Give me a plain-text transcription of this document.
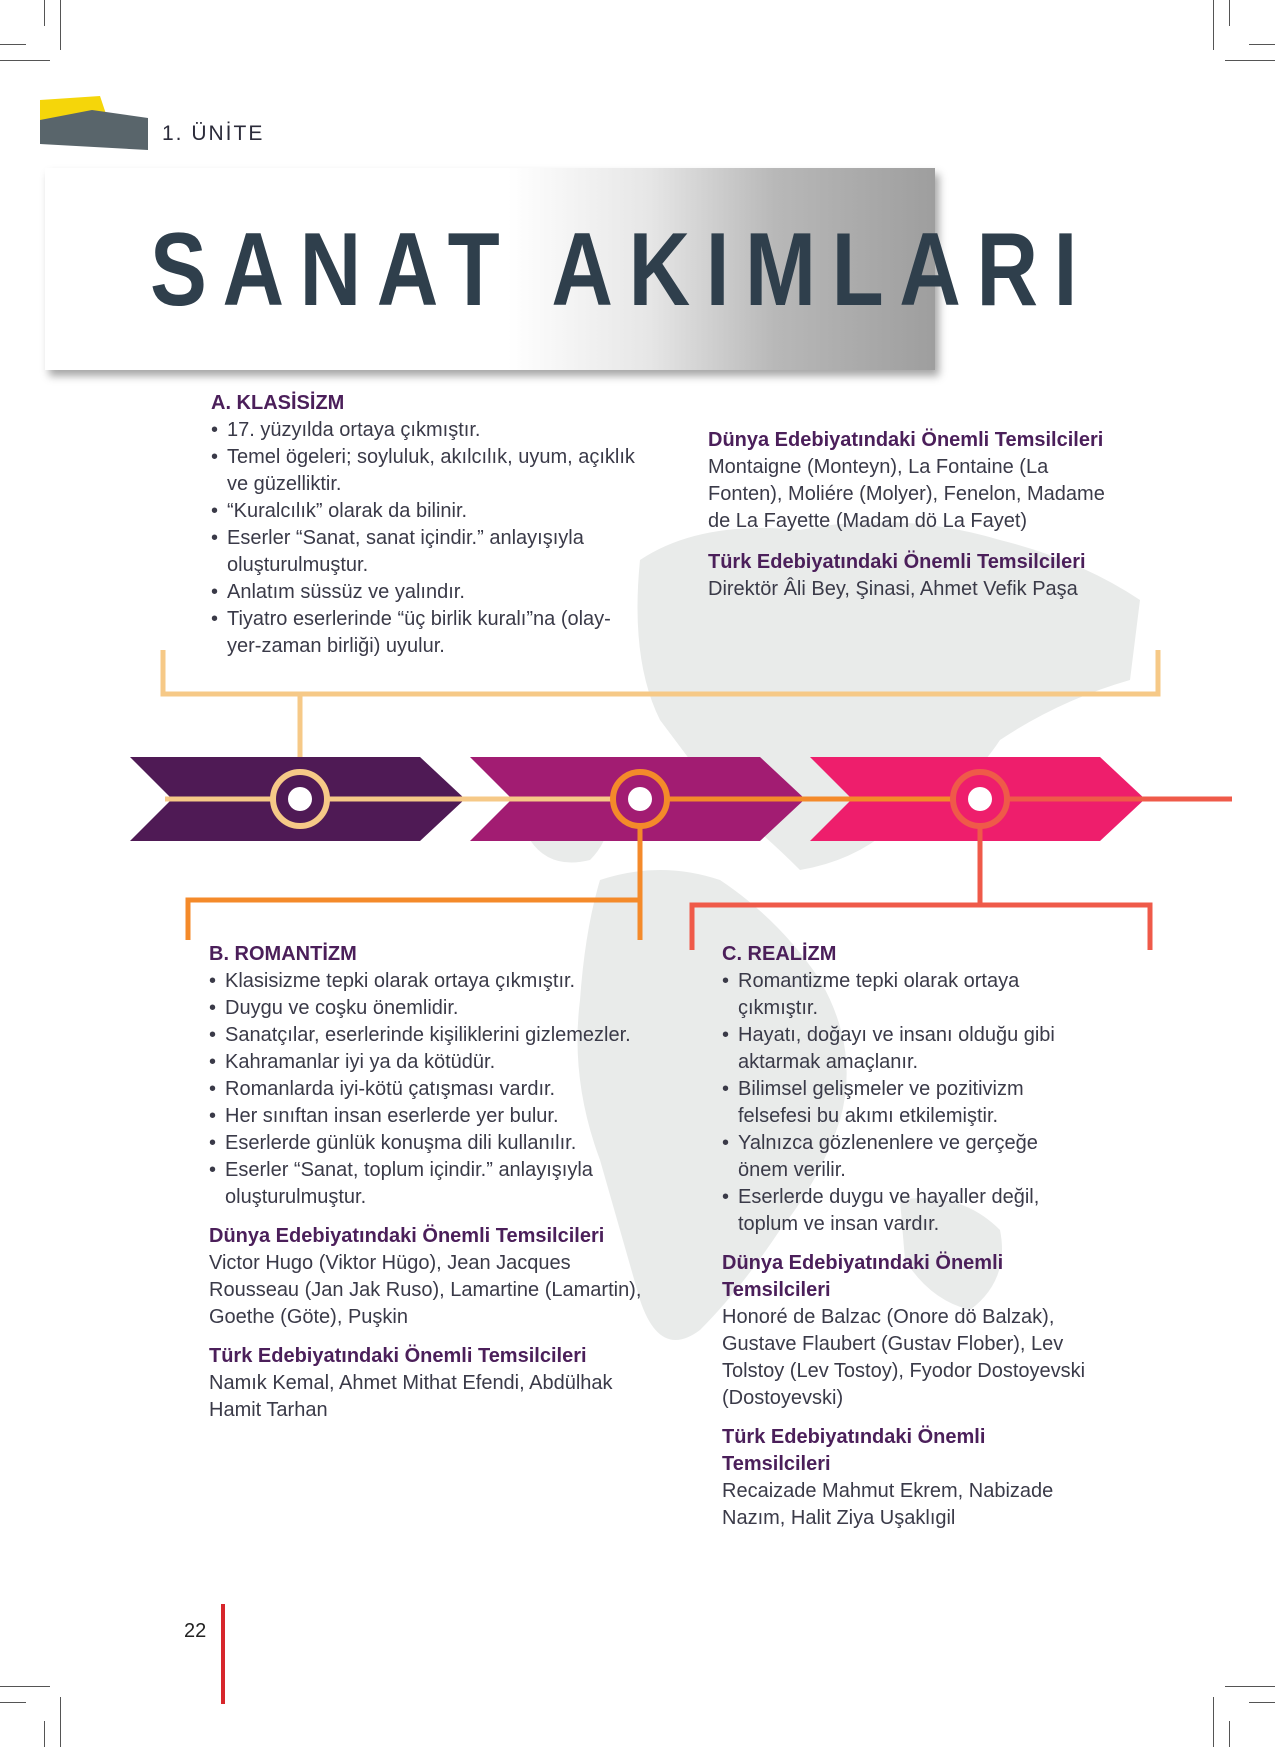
1. ÜNİTE
SANAT AKIMLARI
A. KLASİSİZM
• 17. yüzyılda ortaya çıkmıştır.
• Temel ögeleri; soyluluk, akılcılık, uyum, açıklık ve güzelliktir.
• “Kuralcılık” olarak da bilinir.
• Eserler “Sanat, sanat içindir.” anlayışıyla oluşturulmuştur.
• Anlatım süssüz ve yalındır.
• Tiyatro eserlerinde “üç birlik kuralı”na (olay-yer-zaman birliği) uyulur.
Dünya Edebiyatındaki Önemli Temsilcileri
Montaigne (Monteyn), La Fontaine (La Fonten), Moliére (Molyer), Fenelon, Madame de La Fayette (Madam dö La Fayet)
Türk Edebiyatındaki Önemli Temsilcileri
Direktör Âli Bey, Şinasi, Ahmet Vefik Paşa
B. ROMANTİZM
• Klasisizme tepki olarak ortaya çıkmıştır.
• Duygu ve coşku önemlidir.
• Sanatçılar, eserlerinde kişiliklerini gizlemezler.
• Kahramanlar iyi ya da kötüdür.
• Romanlarda iyi-kötü çatışması vardır.
• Her sınıftan insan eserlerde yer bulur.
• Eserlerde günlük konuşma dili kullanılır.
• Eserler “Sanat, toplum içindir.” anlayışıyla oluşturulmuştur.
Dünya Edebiyatındaki Önemli Temsilcileri
Victor Hugo (Viktor Hügo), Jean Jacques Rousseau (Jan Jak Ruso), Lamartine (Lamartin), Goethe (Göte), Puşkin
Türk Edebiyatındaki Önemli Temsilcileri
Namık Kemal, Ahmet Mithat Efendi, Abdülhak Hamit Tarhan
C. REALİZM
• Romantizme tepki olarak ortaya çıkmıştır.
• Hayatı, doğayı ve insanı olduğu gibi aktarmak amaçlanır.
• Bilimsel gelişmeler ve pozitivizm felsefesi bu akımı etkilemiştir.
• Yalnızca gözlenenlere ve gerçeğe önem verilir.
• Eserlerde duygu ve hayaller değil, toplum ve insan vardır.
Dünya Edebiyatındaki Önemli Temsilcileri
Honoré de Balzac (Onore dö Balzak), Gustave Flaubert (Gustav Flober), Lev Tolstoy (Lev Tostoy), Fyodor Dostoyevski (Dostoyevski)
Türk Edebiyatındaki Önemli Temsilcileri
Recaizade Mahmut Ekrem, Nabizade Nazım, Halit Ziya Uşaklıgil
22
